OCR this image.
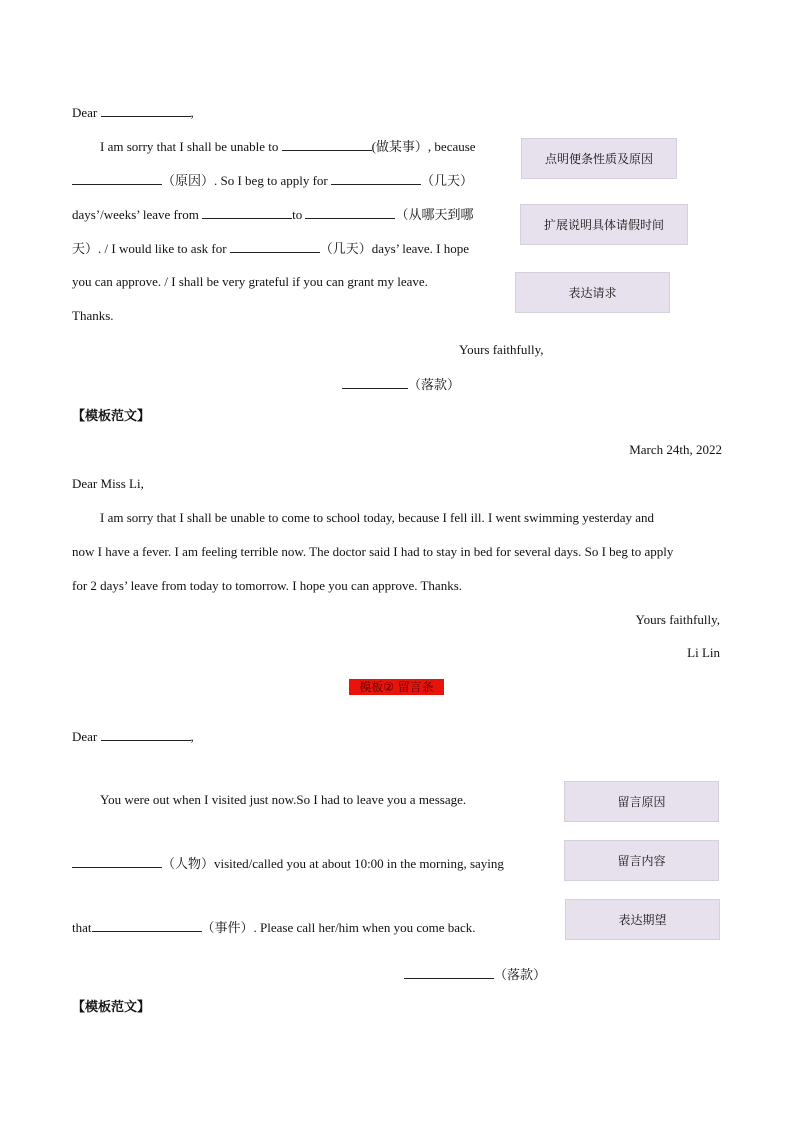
Dear	,
I am sorry that I shall be unable to	(做某事）, because
（原因）. So I beg to apply for	（几天）
days’/weeks’ leave from	to	（从哪天到哪
天）. / I would like to ask for	（几天）days’ leave. I hope
you can approve. / I shall be very grateful if you can grant my leave.
Thanks.
Yours faithfully,
（落款）
点明便条性质及原因
扩展说明具体请假时间
表达请求
【模板范文】
March 24th, 2022
Dear Miss Li,
I am sorry that I shall be unable to come to school today, because I fell ill. I went swimming yesterday and
now I have a fever. I am feeling terrible now. The doctor said I had to stay in bed for several days. So I beg to apply
for 2 days’ leave from today to tomorrow. I hope you can approve. Thanks.
Yours faithfully,
Li Lin
模板② 留言条
Dear	,
You were out when I visited just now.So I had to leave you a message.
（人物）visited/called you at about 10:00 in the morning, saying
that	（事件）. Please call her/him when you come back.
（落款）
留言原因
留言内容
表达期望
【模板范文】
